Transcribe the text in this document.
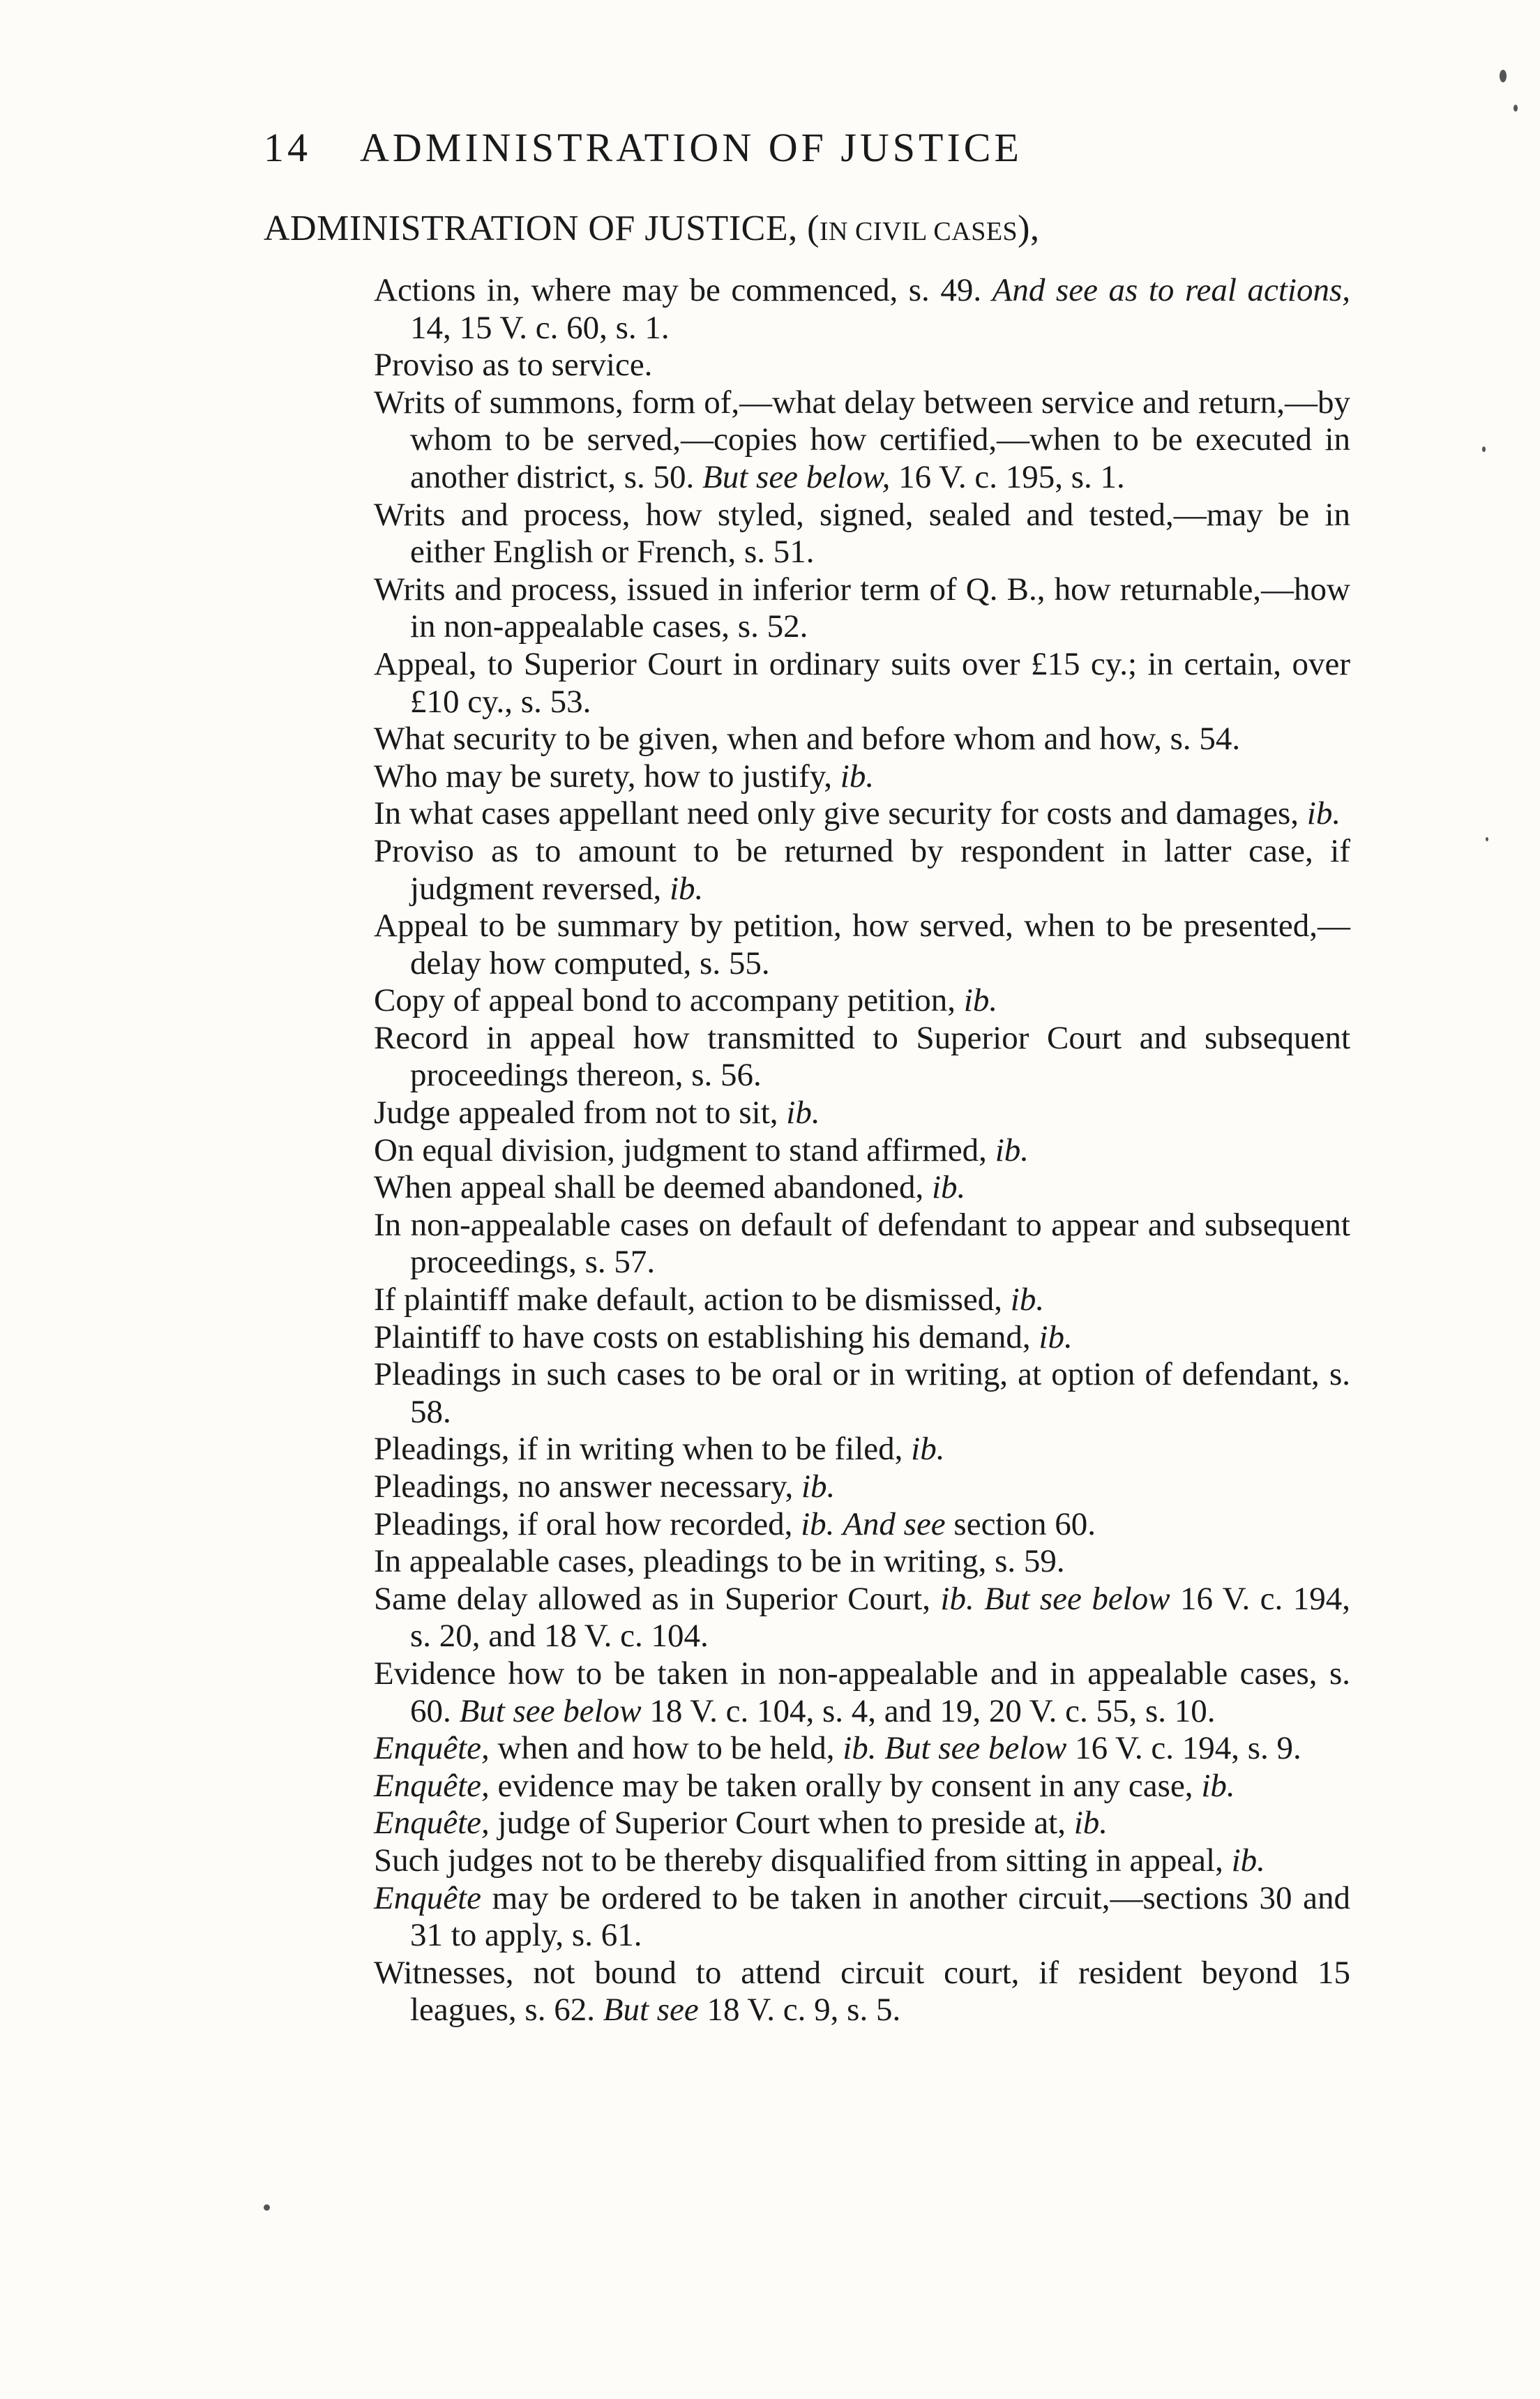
14 ADMINISTRATION OF JUSTICE
ADMINISTRATION OF JUSTICE, (IN CIVIL CASES),
Actions in, where may be commenced, s. 49. And see as to real actions, 14, 15 V. c. 60, s. 1.
Proviso as to service.
Writs of summons, form of,—what delay between service and return,—by whom to be served,—copies how certified,—when to be executed in another district, s. 50. But see below, 16 V. c. 195, s. 1.
Writs and process, how styled, signed, sealed and tested,—may be in either English or French, s. 51.
Writs and process, issued in inferior term of Q. B., how returnable,—how in non-appealable cases, s. 52.
Appeal, to Superior Court in ordinary suits over £15 cy.; in certain, over £10 cy., s. 53.
What security to be given, when and before whom and how, s. 54.
Who may be surety, how to justify, ib.
In what cases appellant need only give security for costs and damages, ib.
Proviso as to amount to be returned by respondent in latter case, if judgment reversed, ib.
Appeal to be summary by petition, how served, when to be presented,—delay how computed, s. 55.
Copy of appeal bond to accompany petition, ib.
Record in appeal how transmitted to Superior Court and subsequent proceedings thereon, s. 56.
Judge appealed from not to sit, ib.
On equal division, judgment to stand affirmed, ib.
When appeal shall be deemed abandoned, ib.
In non-appealable cases on default of defendant to appear and subsequent proceedings, s. 57.
If plaintiff make default, action to be dismissed, ib.
Plaintiff to have costs on establishing his demand, ib.
Pleadings in such cases to be oral or in writing, at option of defendant, s. 58.
Pleadings, if in writing when to be filed, ib.
Pleadings, no answer necessary, ib.
Pleadings, if oral how recorded, ib. And see section 60.
In appealable cases, pleadings to be in writing, s. 59.
Same delay allowed as in Superior Court, ib. But see below 16 V. c. 194, s. 20, and 18 V. c. 104.
Evidence how to be taken in non-appealable and in appealable cases, s. 60. But see below 18 V. c. 104, s. 4, and 19, 20 V. c. 55, s. 10.
Enquête, when and how to be held, ib. But see below 16 V. c. 194, s. 9.
Enquête, evidence may be taken orally by consent in any case, ib.
Enquête, judge of Superior Court when to preside at, ib.
Such judges not to be thereby disqualified from sitting in appeal, ib.
Enquête may be ordered to be taken in another circuit,—sections 30 and 31 to apply, s. 61.
Witnesses, not bound to attend circuit court, if resident beyond 15 leagues, s. 62. But see 18 V. c. 9, s. 5.
